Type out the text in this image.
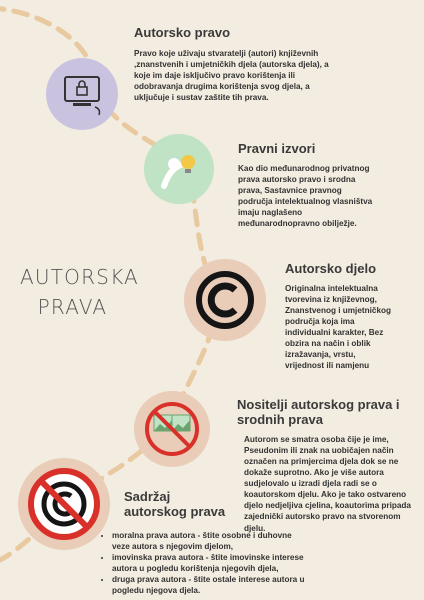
Autorsko pravo
Pravo koje uživaju stvaratelji (autori) književnih ,znanstvenih i umjetničkih djela (autorska djela), a koje im daje isključivo pravo korištenja ili odobravanja drugima korištenja svog djela, a uključuje i sustav zaštite tih prava.
Pravni izvori
Kao dio međunarodnog privatnog prava autorsko pravo i srodna prava, Sastavnice pravnog područja intelektualnog vlasništva imaju naglašeno međunarodnopravno obilježje.
AUTORSKA PRAVA
Autorsko djelo
Originalna intelektualna tvorevina iz književnog, Znanstvenog i umjetničkog područja koja ima individualni karakter, Bez obzira na način i oblik izražavanja, vrstu, vrijednost ili namjenu
Nositelji autorskog prava i srodnih prava
Autorom se smatra osoba čije je ime, Pseudonim ili znak na uobičajen način označen na primjercima djela dok se ne dokaže suprotno. Ako je više autora sudjelovalo u izradi djela radi se o koautorskom djelu. Ako je tako ostvareno djelo nedjeljiva cjelina, koautorima pripada zajednički autorsko pravo na stvorenom djelu.
Sadržaj autorskog prava
• moralna prava autora - štite osobne i duhovne veze autora s njegovim djelom,
• imovinska prava autora - štite imovinske interese autora u pogledu korištenja njegovih djela,
• druga prava autora - štite ostale interese autora u pogledu njegova djela.
